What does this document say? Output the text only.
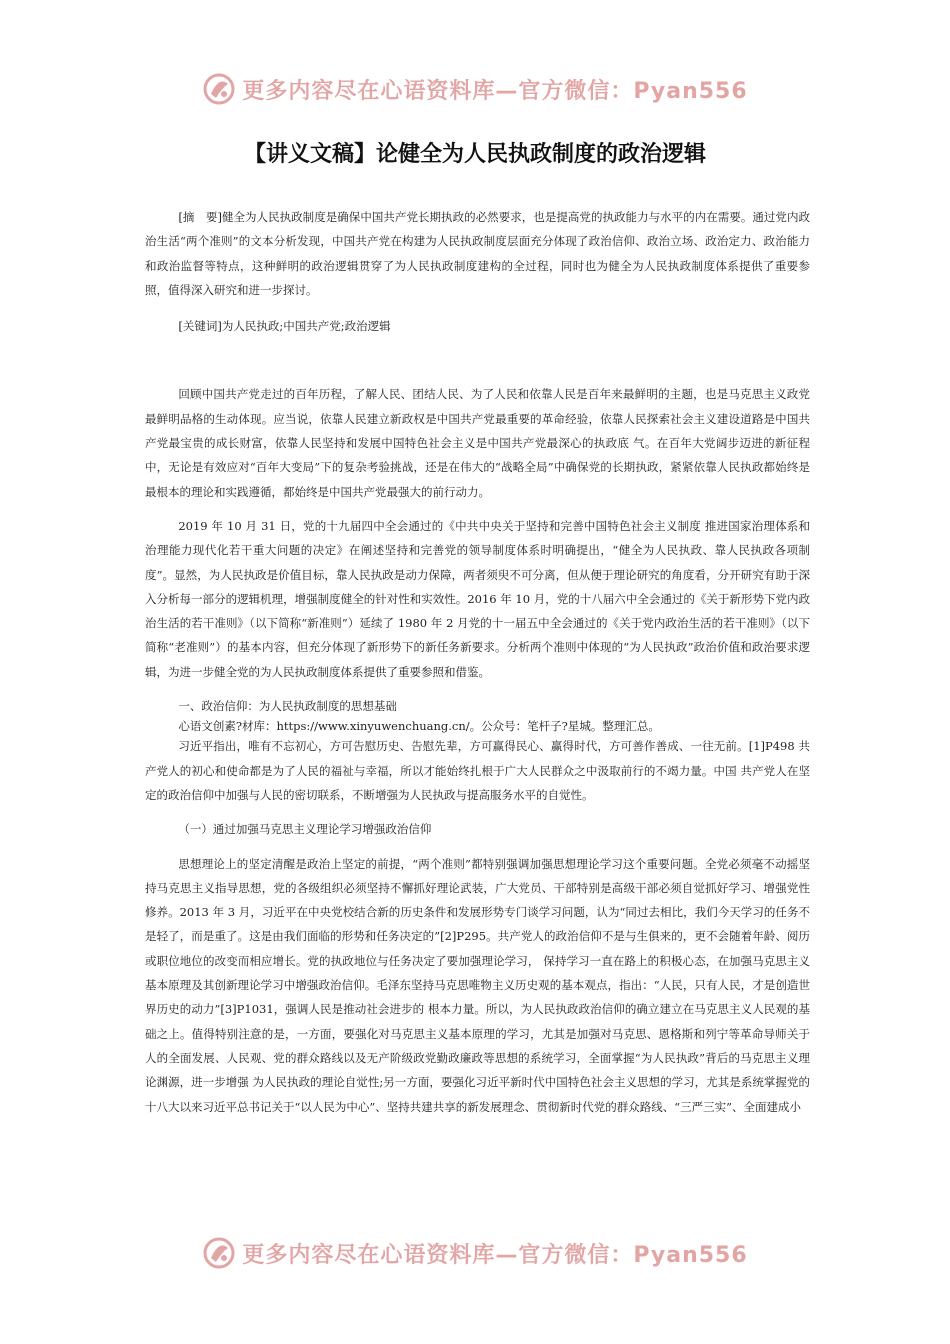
更多内容尽在心语资料库—官方微信：Pyan556
【讲义文稿】论健全为人民执政制度的政治逻辑

[摘　要]健全为人民执政制度是确保中国共产党长期执政的必然要求，也是提高党的执政能力与水平的内在需要。通过党内政治生活“两个准则”的文本分析发现，中国共产党在构建为人民执政制度层面充分体现了政治信仰、政治立场、政治定力、政治能力和政治监督等特点，这种鲜明的政治逻辑贯穿了为人民执政制度建构的全过程，同时也为健全为人民执政制度体系提供了重要参照，值得深入研究和进一步探讨。

[关键词]为人民执政;中国共产党;政治逻辑

回顾中国共产党走过的百年历程，了解人民、团结人民、为了人民和依靠人民是百年来最鲜明的主题，也是马克思主义政党最鲜明品格的生动体现。应当说，依靠人民建立新政权是中国共产党最重要的革命经验，依靠人民探索社会主义建设道路是中国共产党最宝贵的成长财富，依靠人民坚持和发展中国特色社会主义是中国共产党最深心的执政底 气。在百年大党阔步迈进的新征程中，无论是有效应对“百年大变局”下的复杂考验挑战，还是在伟大的“战略全局”中确保党的长期执政，紧紧依靠人民执政都始终是最根本的理论和实践遵循，都始终是中国共产党最强大的前行动力。

2019 年 10 月 31 日，党的十九届四中全会通过的《中共中央关于坚持和完善中国特色社会主义制度 推进国家治理体系和治理能力现代化若干重大问题的决定》在阐述坚持和完善党的领导制度体系时明确提出，“健全为人民执政、靠人民执政各项制度”。显然，为人民执政是价值目标，靠人民执政是动力保障，两者须臾不可分离，但从便于理论研究的角度看，分开研究有助于深入分析每一部分的逻辑机理，增强制度健全的针对性和实效性。2016 年 10 月，党的十八届六中全会通过的《关于新形势下党内政治生活的若干准则》（以下简称“新准则”）延续了 1980 年 2 月党的十一届五中全会通过的《关于党内政治生活的若干准则》（以下简称“老准则”）的基本内容，但充分体现了新形势下的新任务新要求。分析两个准则中体现的“为人民执政”政治价值和政治要求逻辑，为进一步健全党的为人民执政制度体系提供了重要参照和借鉴。

一、政治信仰：为人民执政制度的思想基础

心语文创素?材库：https://www.xinyuwenchuang.cn/。公众号：笔杆子?星城。整理汇总。

习近平指出，唯有不忘初心，方可告慰历史、告慰先辈，方可赢得民心、赢得时代，方可善作善成、一往无前。[1]P498 共产党人的初心和使命都是为了人民的福祉与幸福，所以才能始终扎根于广大人民群众之中汲取前行的不竭力量。中国 共产党人在坚定的政治信仰中加强与人民的密切联系，不断增强为人民执政与提高服务水平的自觉性。

（一）通过加强马克思主义理论学习增强政治信仰

思想理论上的坚定清醒是政治上坚定的前提，“两个准则”都特别强调加强思想理论学习这个重要问题。全党必须毫不动摇坚持马克思主义指导思想，党的各级组织必须坚持不懈抓好理论武装，广大党员、干部特别是高级干部必须自觉抓好学习、增强党性修养。2013 年 3 月，习近平在中央党校结合新的历史条件和发展形势专门谈学习问题，认为“同过去相比，我们今天学习的任务不是轻了，而是重了。这是由我们面临的形势和任务决定的”[2]P295。共产党人的政治信仰不是与生俱来的，更不会随着年龄、阅历或职位地位的改变而相应增长。党的执政地位与任务决定了要加强理论学习， 保持学习一直在路上的积极心态，在加强马克思主义基本原理及其创新理论学习中增强政治信仰。毛泽东坚持马克思唯物主义历史观的基本观点，指出：“人民，只有人民，才是创造世界历史的动力”[3]P1031，强调人民是推动社会进步的 根本力量。所以，为人民执政政治信仰的确立建立在马克思主义人民观的基础之上。值得特别注意的是，一方面，要强化对马克思主义基本原理的学习，尤其是加强对马克思、恩格斯和列宁等革命导师关于人的全面发展、人民观、党的群众路线以及无产阶级政党勤政廉政等思想的系统学习，全面掌握“为人民执政”背后的马克思主义理论渊源，进一步增强 为人民执政的理论自觉性;另一方面，要强化习近平新时代中国特色社会主义思想的学习，尤其是系统掌握党的十八大以来习近平总书记关于“以人民为中心”、坚持共建共享的新发展理念、贯彻新时代党的群众路线、“三严三实”、全面建成小

更多内容尽在心语资料库—官方微信：Pyan556
